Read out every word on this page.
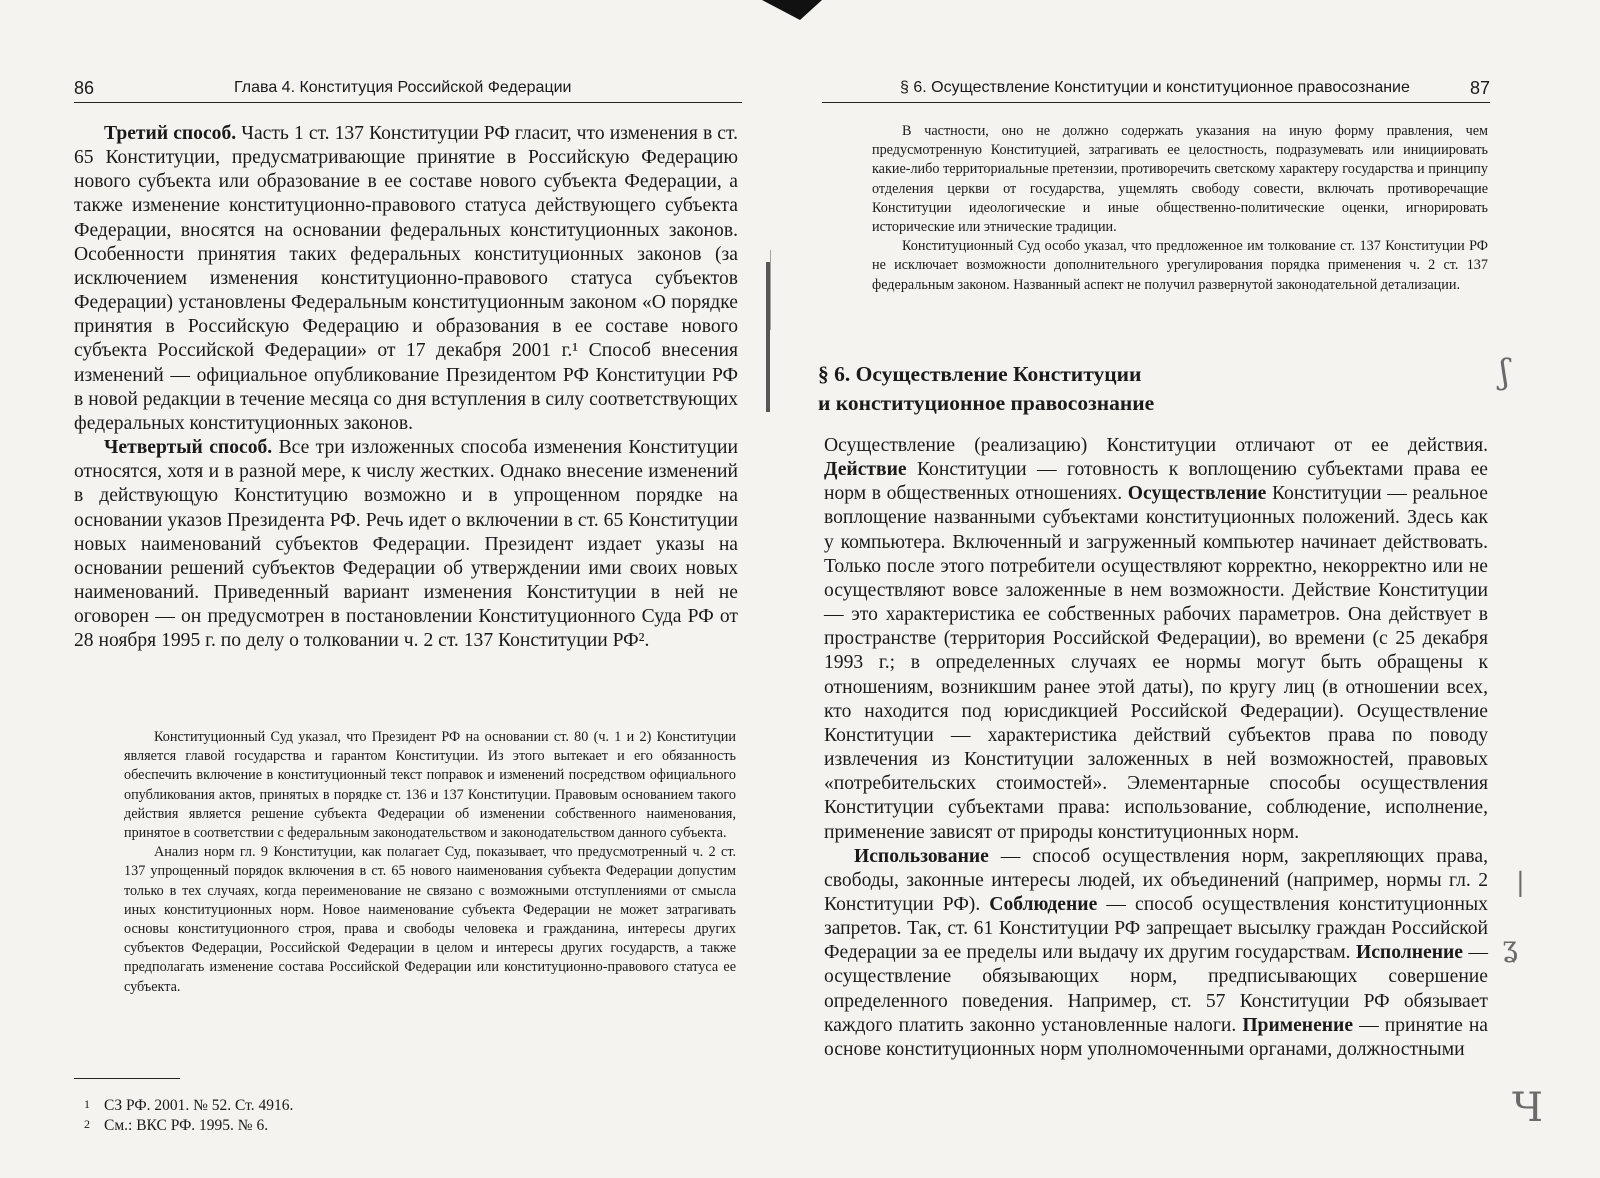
86	Глава 4. Конституция Российской Федерации

Третий способ. Часть 1 ст. 137 Конституции РФ гласит, что изменения в ст. 65 Конституции, предусматривающие принятие в Российскую Федерацию нового субъекта или образование в ее составе нового субъекта Федерации, а также изменение конституционно-правового статуса действующего субъекта Федерации, вносятся на основании федеральных конституционных законов. Особенности принятия таких федеральных конституционных законов (за исключением изменения конституционно-правового статуса субъектов Федерации) установлены Федеральным конституционным законом «О порядке принятия в Российскую Федерацию и образования в ее составе нового субъекта Российской Федерации» от 17 декабря 2001 г.¹ Способ внесения изменений — официальное опубликование Президентом РФ Конституции РФ в новой редакции в течение месяца со дня вступления в силу соответствующих федеральных конституционных законов.

Четвертый способ. Все три изложенных способа изменения Конституции относятся, хотя и в разной мере, к числу жестких. Однако внесение изменений в действующую Конституцию возможно и в упрощенном порядке на основании указов Президента РФ. Речь идет о включении в ст. 65 Конституции новых наименований субъектов Федерации. Президент издает указы на основании решений субъектов Федерации об утверждении ими своих новых наименований. Приведенный вариант изменения Конституции в ней не оговорен — он предусмотрен в постановлении Конституционного Суда РФ от 28 ноября 1995 г. по делу о толковании ч. 2 ст. 137 Конституции РФ².

Конституционный Суд указал, что Президент РФ на основании ст. 80 (ч. 1 и 2) Конституции является главой государства и гарантом Конституции. Из этого вытекает и его обязанность обеспечить включение в конституционный текст поправок и изменений посредством официального опубликования актов, принятых в порядке ст. 136 и 137 Конституции. Правовым основанием такого действия является решение субъекта Федерации об изменении собственного наименования, принятое в соответствии с федеральным законодательством и законодательством данного субъекта.

Анализ норм гл. 9 Конституции, как полагает Суд, показывает, что предусмотренный ч. 2 ст. 137 упрощенный порядок включения в ст. 65 нового наименования субъекта Федерации допустим только в тех случаях, когда переименование не связано с возможными отступлениями от смысла иных конституционных норм. Новое наименование субъекта Федерации не может затрагивать основы конституционного строя, права и свободы человека и гражданина, интересы других субъектов Федерации, Российской Федерации в целом и интересы других государств, а также предполагать изменение состава Российской Федерации или конституционно-правового статуса ее субъекта.

1 СЗ РФ. 2001. № 52. Ст. 4916.
2 См.: ВКС РФ. 1995. № 6.
§ 6. Осуществление Конституции и конституционное правосознание	87

В частности, оно не должно содержать указания на иную форму правления, чем предусмотренную Конституцией, затрагивать ее целостность, подразумевать или инициировать какие-либо территориальные претензии, противоречить светскому характеру государства и принципу отделения церкви от государства, ущемлять свободу совести, включать противоречащие Конституции идеологические и иные общественно-политические оценки, игнорировать исторические или этнические традиции.

Конституционный Суд особо указал, что предложенное им толкование ст. 137 Конституции РФ не исключает возможности дополнительного урегулирования порядка применения ч. 2 ст. 137 федеральным законом. Названный аспект не получил развернутой законодательной детализации.

§ 6. Осуществление Конституции
и конституционное правосознание

Осуществление (реализацию) Конституции отличают от ее действия. Действие Конституции — готовность к воплощению субъектами права ее норм в общественных отношениях. Осуществление Конституции — реальное воплощение названными субъектами конституционных положений. Здесь как у компьютера. Включенный и загруженный компьютер начинает действовать. Только после этого потребители осуществляют корректно, некорректно или не осуществляют вовсе заложенные в нем возможности. Действие Конституции — это характеристика ее собственных рабочих параметров. Она действует в пространстве (территория Российской Федерации), во времени (с 25 декабря 1993 г.; в определенных случаях ее нормы могут быть обращены к отношениям, возникшим ранее этой даты), по кругу лиц (в отношении всех, кто находится под юрисдикцией Российской Федерации). Осуществление Конституции — характеристика действий субъектов права по поводу извлечения из Конституции заложенных в ней возможностей, правовых «потребительских стоимостей». Элементарные способы осуществления Конституции субъектами права: использование, соблюдение, исполнение, применение зависят от природы конституционных норм.

Использование — способ осуществления норм, закрепляющих права, свободы, законные интересы людей, их объединений (например, нормы гл. 2 Конституции РФ). Соблюдение — способ осуществления конституционных запретов. Так, ст. 61 Конституции РФ запрещает высылку граждан Российской Федерации за ее пределы или выдачу их другим государствам. Исполнение — осуществление обязывающих норм, предписывающих совершение определенного поведения. Например, ст. 57 Конституции РФ обязывает каждого платить законно установленные налоги. Применение — принятие на основе конституционных норм уполномоченными органами, должностными

ʃ
|
ʓ
Ч
